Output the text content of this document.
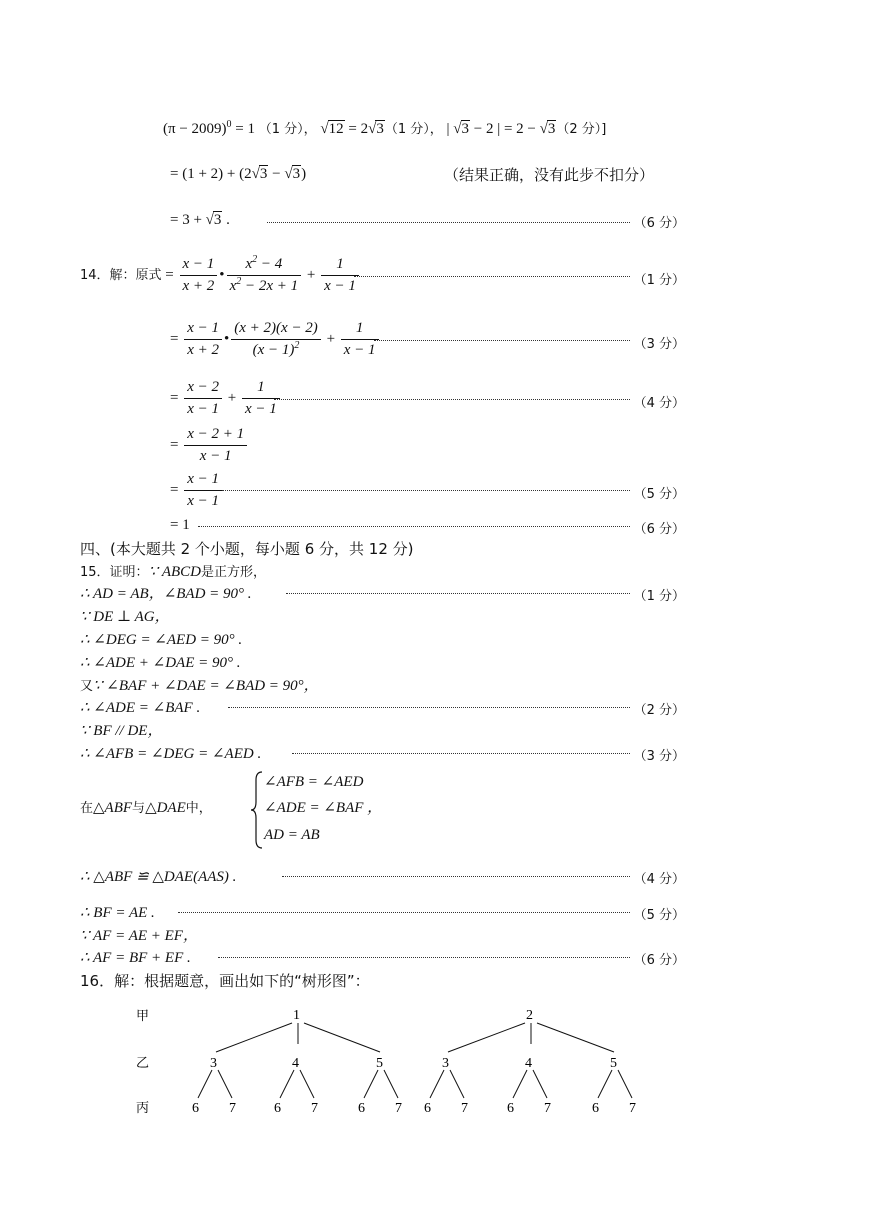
$(\pi - 2009)^0 = 1$ （1 分）， √12 = 2√3（1 分）， | √3 − 2 | = 2 − √3（2 分）]
= (1 + 2) + (2√3 − √3)	（结果正确，没有此步不扣分）
= 3 + √3 .	（6 分）
14．解：原式 = $\frac{x - 1}{x + 2}$ • $\frac{x^2 - 4}{x^2 - 2x + 1} + \frac{1}{x - 1}$	（1 分）
= $\frac{x - 1}{x + 2}$ • $\frac{(x + 2)(x - 2)}{(x - 1)^2} + \frac{1}{x - 1}$	（3 分）
= $\frac{x - 2}{x - 1} + \frac{1}{x - 1}$	（4 分）
= $\frac{x - 2 + 1}{x - 1}$
= $\frac{x - 1}{x - 1}$	（5 分）
= 1	（6 分）
四、(本大题共 2 个小题，每小题 6 分，共 12 分)
15．证明：∵ ABCD是正方形，
∴ AD = AB，∠BAD = 90° .	（1 分）
∵ DE ⊥ AG，
∴ ∠DEG = ∠AED = 90° .
∴ ∠ADE + ∠DAE = 90° .
又∵ ∠BAF + ∠DAE = ∠BAD = 90°，
∴ ∠ADE = ∠BAF .	（2 分）
∵ BF // DE，
∴ ∠AFB = ∠DEG = ∠AED .	（3 分）
在△ABF与△DAE中，
∠AFB = ∠AED
∠ADE = ∠BAF ，
AD = AB
∴ △ABF ≌ △DAE(AAS) .	（4 分）
∴ BF = AE .	（5 分）
∵ AF = AE + EF，
∴ AF = BF + EF .	（6 分）
16．解：根据题意，画出如下的“树形图”：
甲
乙
丙
1	2
3	4	5	3	4	5
6 7	6 7	6 7 6 7	6 7	6 7
